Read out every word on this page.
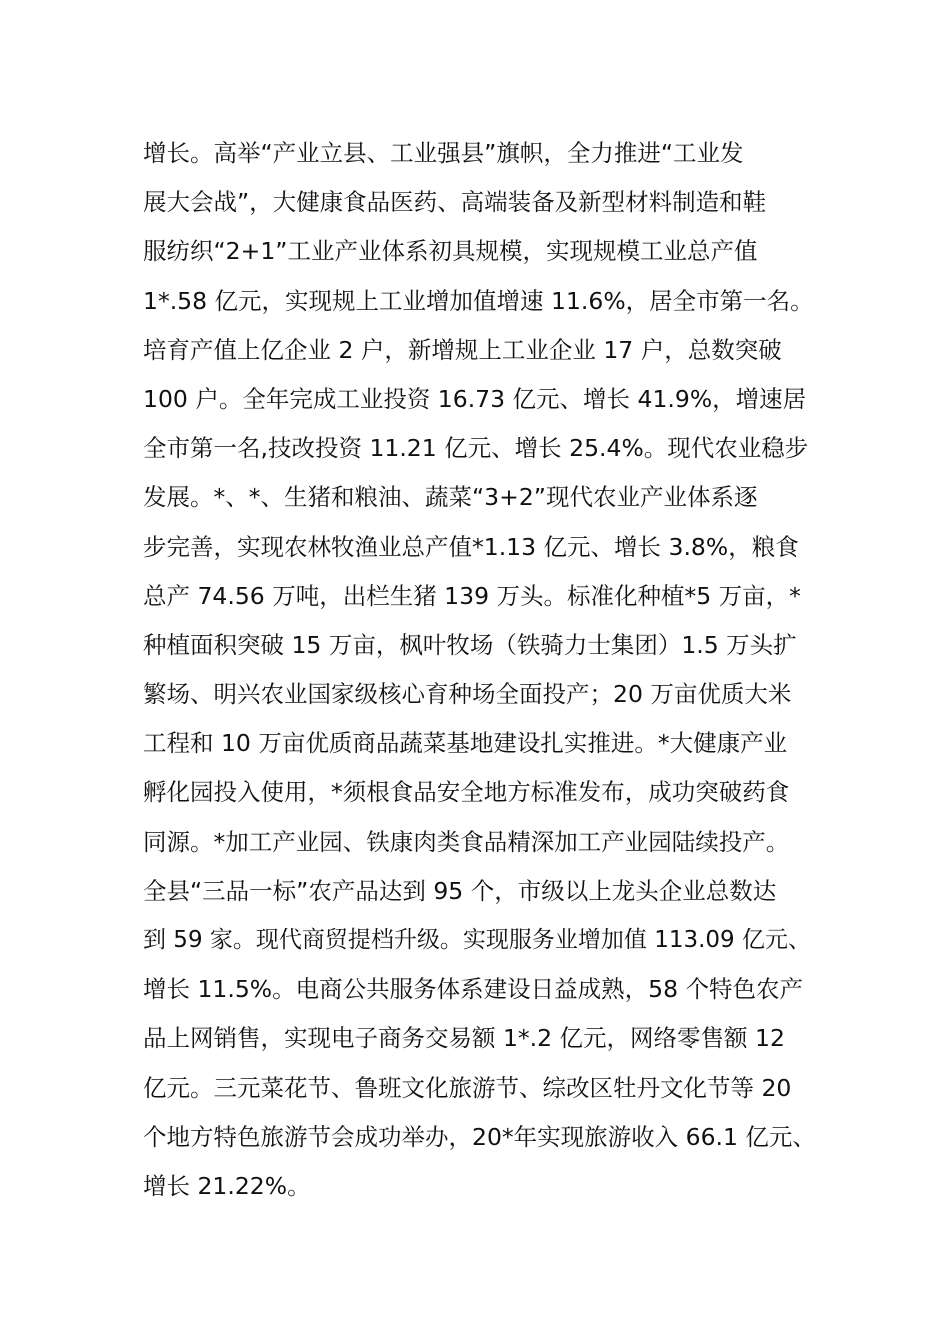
增长。高举“产业立县、工业强县”旗帜，全力推进“工业发
展大会战”，大健康食品医药、高端装备及新型材料制造和鞋
服纺织“2+1”工业产业体系初具规模，实现规模工业总产值
1*.58 亿元，实现规上工业增加值增速 11.6%，居全市第一名。
培育产值上亿企业 2 户，新增规上工业企业 17 户，总数突破
100 户。全年完成工业投资 16.73 亿元、增长 41.9%，增速居
全市第一名,技改投资 11.21 亿元、增长 25.4%。现代农业稳步
发展。*、*、生猪和粮油、蔬菜“3+2”现代农业产业体系逐
步完善，实现农林牧渔业总产值*1.13 亿元、增长 3.8%，粮食
总产 74.56 万吨，出栏生猪 139 万头。标准化种植*5 万亩，*
种植面积突破 15 万亩，枫叶牧场（铁骑力士集团）1.5 万头扩
繁场、明兴农业国家级核心育种场全面投产；20 万亩优质大米
工程和 10 万亩优质商品蔬菜基地建设扎实推进。*大健康产业
孵化园投入使用，*须根食品安全地方标准发布，成功突破药食
同源。*加工产业园、铁康肉类食品精深加工产业园陆续投产。
全县“三品一标”农产品达到 95 个，市级以上龙头企业总数达
到 59 家。现代商贸提档升级。实现服务业增加值 113.09 亿元、
增长 11.5%。电商公共服务体系建设日益成熟，58 个特色农产
品上网销售，实现电子商务交易额 1*.2 亿元，网络零售额 12
亿元。三元菜花节、鲁班文化旅游节、综改区牡丹文化节等 20
个地方特色旅游节会成功举办，20*年实现旅游收入 66.1 亿元、
增长 21.22%。
